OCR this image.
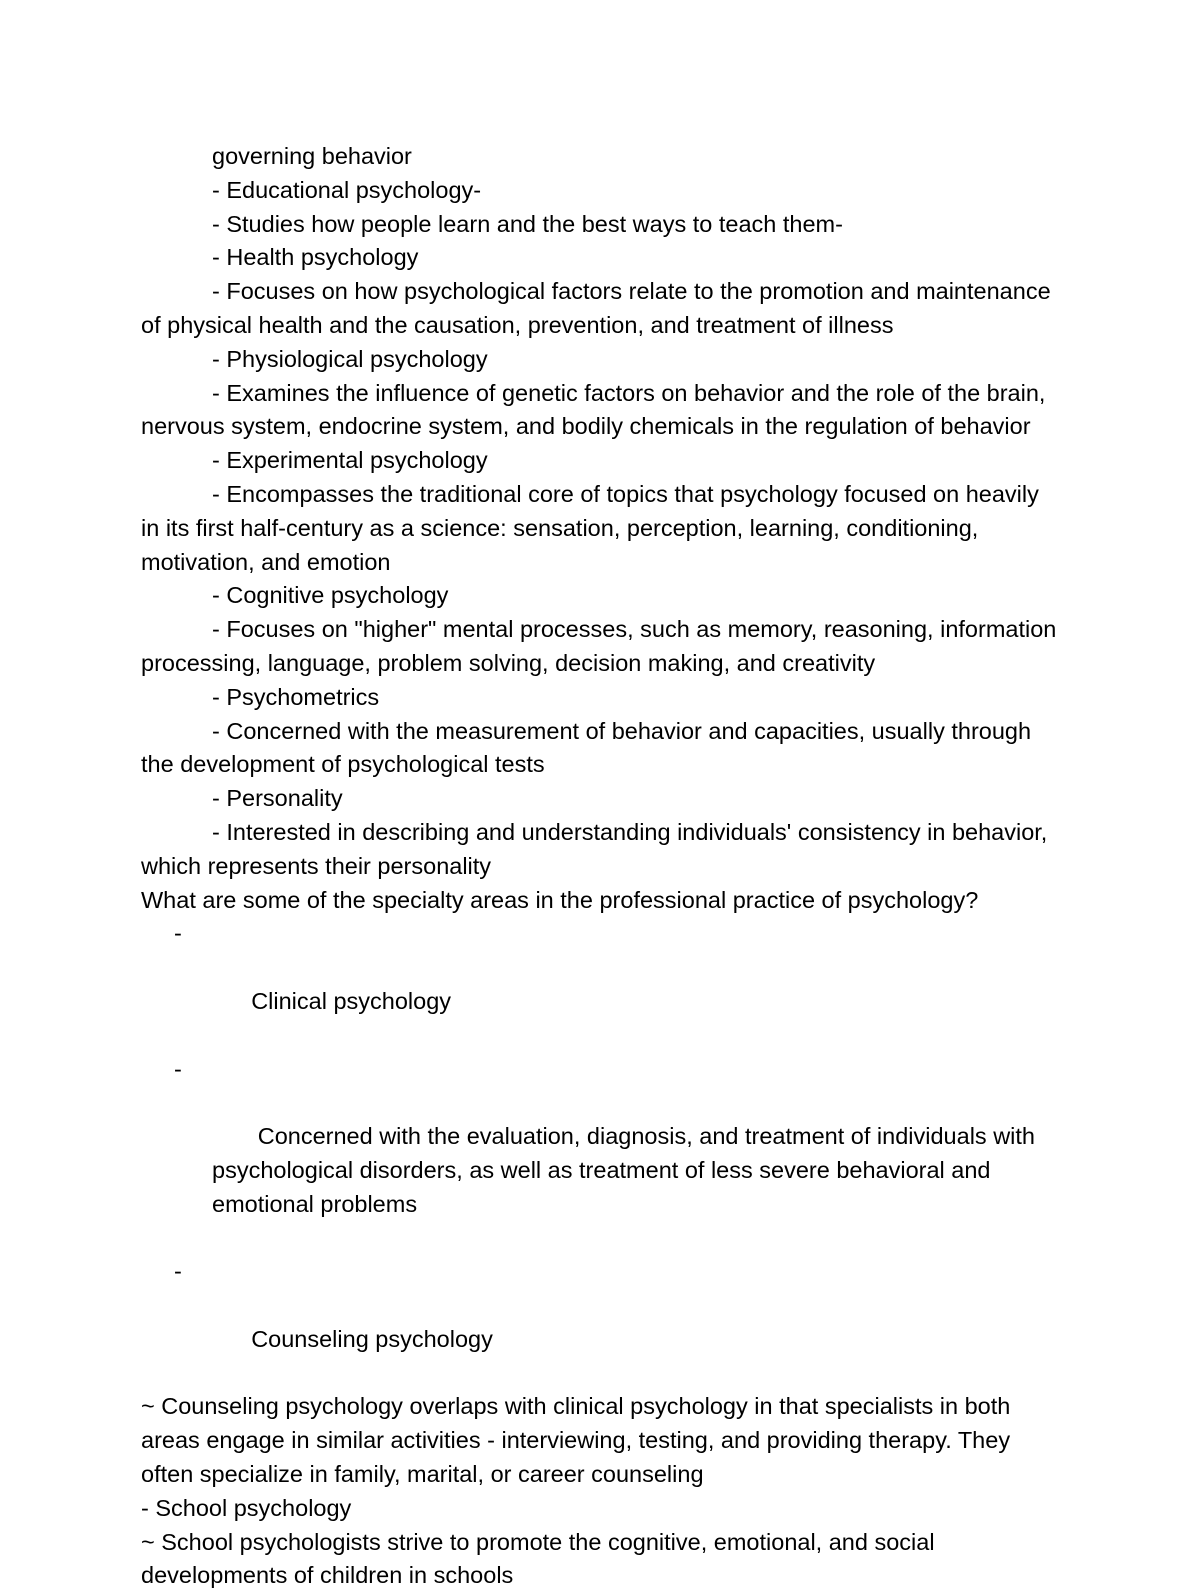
governing behavior

- Educational psychology-

- Studies how people learn and the best ways to teach them-

- Health psychology

- Focuses on how psychological factors relate to the promotion and maintenance of physical health and the causation, prevention, and treatment of illness

- Physiological psychology

- Examines the influence of genetic factors on behavior and the role of the brain, nervous system, endocrine system, and bodily chemicals in the regulation of behavior

- Experimental psychology

- Encompasses the traditional core of topics that psychology focused on heavily in its first half-century as a science: sensation, perception, learning, conditioning, motivation, and emotion

- Cognitive psychology

- Focuses on "higher" mental processes, such as memory, reasoning, information processing, language, problem solving, decision making, and creativity

- Psychometrics

- Concerned with the measurement of behavior and capacities, usually through the development of psychological tests

- Personality

- Interested in describing and understanding individuals' consistency in behavior, which represents their personality

What are some of the specialty areas in the professional practice of psychology?

-

Clinical psychology

-

Concerned with the evaluation, diagnosis, and treatment of individuals with psychological disorders, as well as treatment of less severe behavioral and emotional problems

-

Counseling psychology

~ Counseling psychology overlaps with clinical psychology in that specialists in both areas engage in similar activities - interviewing, testing, and providing therapy. They often specialize in family, marital, or career counseling

- School psychology

~ School psychologists strive to promote the cognitive, emotional, and social developments of children in schools
